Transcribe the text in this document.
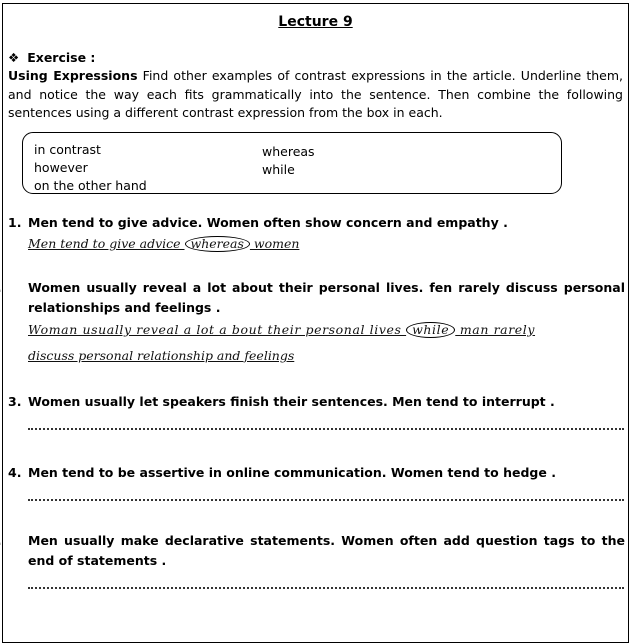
Lecture 9
❖ Exercise :
Using Expressions Find other examples of contrast expressions in the article. Underline them, and notice the way each fits grammatically into the sentence. Then combine the following sentences using a different contrast expression from the box in each.
in contrast
however
on the other hand
whereas
while
1. Men tend to give advice. Women often show concern and empathy .
Men tend to give advice whereas women
Women usually reveal a lot about their personal lives. fen rarely discuss personal relationships and feelings .
Woman usually reveal a lot a bout their personal lives while man rarely
discuss personal relationship and feelings
3. Women usually let speakers finish their sentences. Men tend to interrupt .
4. Men tend to be assertive in online communication. Women tend to hedge .
Men usually make declarative statements. Women often add question tags to the end of statements .
